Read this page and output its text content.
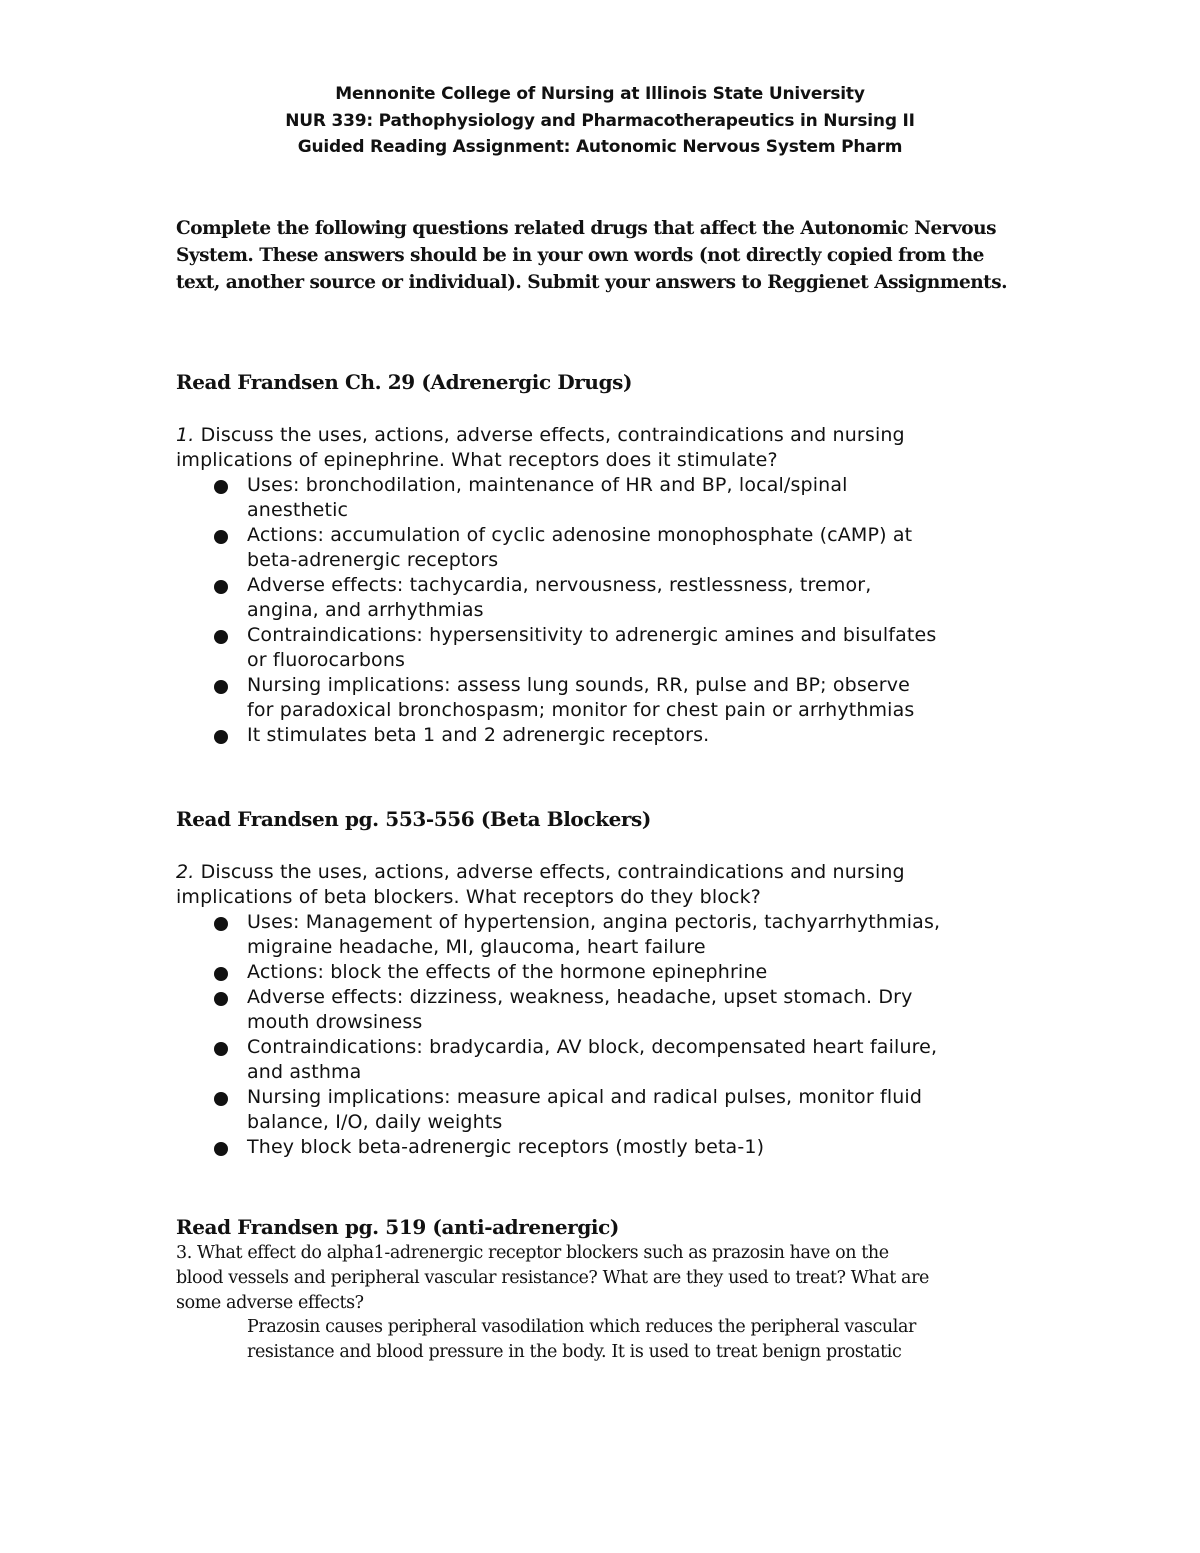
Mennonite College of Nursing at Illinois State University
NUR 339: Pathophysiology and Pharmacotherapeutics in Nursing II
Guided Reading Assignment: Autonomic Nervous System Pharm
Complete the following questions related drugs that affect the Autonomic Nervous
System. These answers should be in your own words (not directly copied from the
text, another source or individual). Submit your answers to Reggienet Assignments.
Read Frandsen Ch. 29 (Adrenergic Drugs)
1. Discuss the uses, actions, adverse effects, contraindications and nursing
implications of epinephrine. What receptors does it stimulate?
Uses: bronchodilation, maintenance of HR and BP, local/spinal
anesthetic
Actions: accumulation of cyclic adenosine monophosphate (cAMP) at
beta-adrenergic receptors
Adverse effects: tachycardia, nervousness, restlessness, tremor,
angina, and arrhythmias
Contraindications: hypersensitivity to adrenergic amines and bisulfates
or fluorocarbons
Nursing implications: assess lung sounds, RR, pulse and BP; observe
for paradoxical bronchospasm; monitor for chest pain or arrhythmias
It stimulates beta 1 and 2 adrenergic receptors.
Read Frandsen pg. 553-556 (Beta Blockers)
2. Discuss the uses, actions, adverse effects, contraindications and nursing
implications of beta blockers. What receptors do they block?
Uses: Management of hypertension, angina pectoris, tachyarrhythmias,
migraine headache, MI, glaucoma, heart failure
Actions: block the effects of the hormone epinephrine
Adverse effects: dizziness, weakness, headache, upset stomach. Dry
mouth drowsiness
Contraindications: bradycardia, AV block, decompensated heart failure,
and asthma
Nursing implications: measure apical and radical pulses, monitor fluid
balance, I/O, daily weights
They block beta-adrenergic receptors (mostly beta-1)
Read Frandsen pg. 519 (anti-adrenergic)
3. What effect do alpha1-adrenergic receptor blockers such as prazosin have on the
blood vessels and peripheral vascular resistance? What are they used to treat? What are
some adverse effects?
Prazosin causes peripheral vasodilation which reduces the peripheral vascular
resistance and blood pressure in the body. It is used to treat benign prostatic
